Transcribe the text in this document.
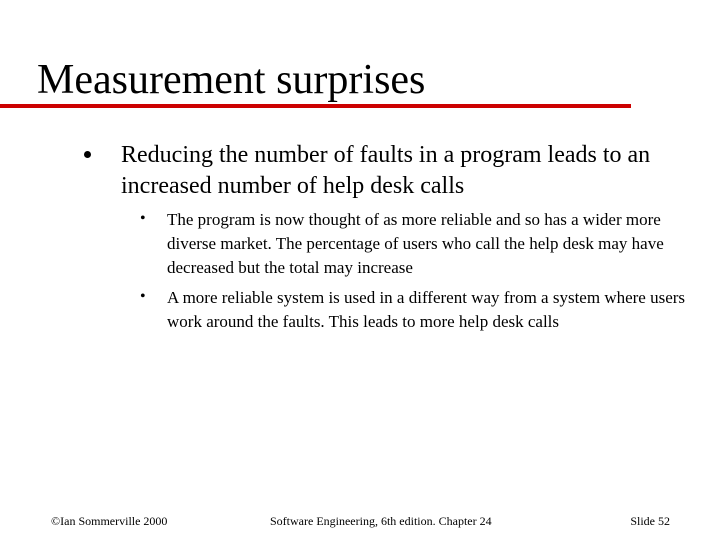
Measurement surprises
Reducing the number of faults in a program leads to an increased number of help desk calls
• The program is now thought of as more reliable and so has a wider more diverse market. The percentage of users who call the help desk may have decreased but the total may increase
• A more reliable system is used in a different way from a system where users work around the faults. This leads to more help desk calls
©Ian Sommerville 2000	Software Engineering, 6th edition. Chapter 24	Slide 52
